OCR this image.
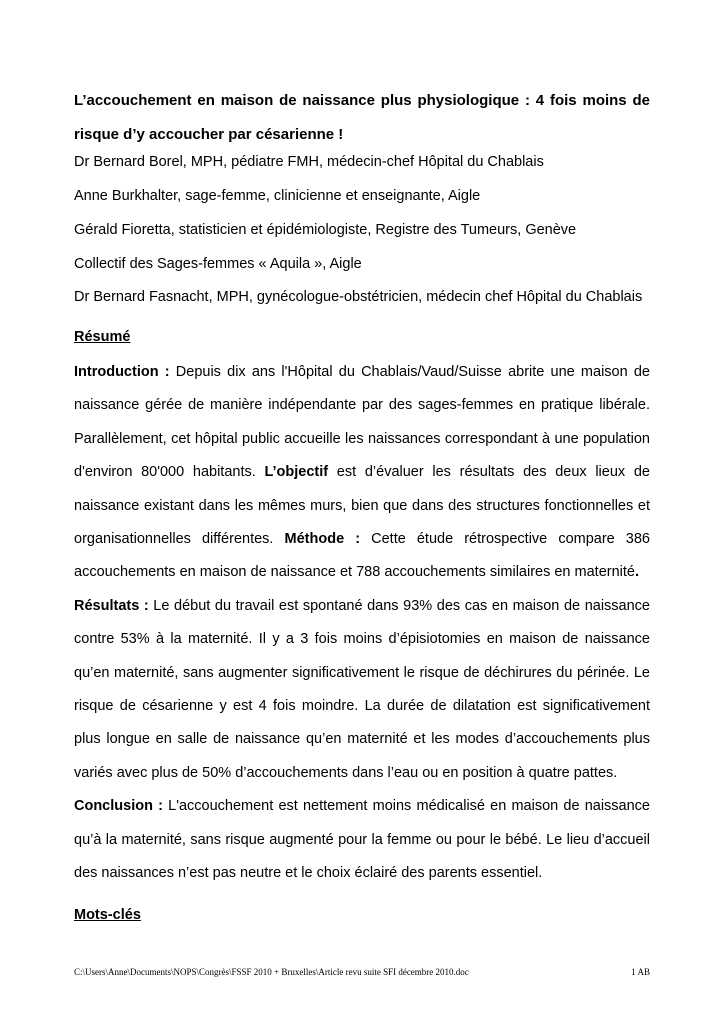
L’accouchement en maison de naissance plus physiologique : 4 fois moins de risque d’y accoucher par césarienne !
Dr Bernard Borel, MPH, pédiatre FMH, médecin-chef Hôpital du Chablais
Anne Burkhalter, sage-femme, clinicienne et enseignante, Aigle
Gérald Fioretta, statisticien et épidémiologiste, Registre des Tumeurs, Genève
Collectif des Sages-femmes « Aquila », Aigle
Dr Bernard Fasnacht, MPH, gynécologue-obstétricien, médecin chef Hôpital du Chablais
Résumé

Introduction : Depuis dix ans l'Hôpital du Chablais/Vaud/Suisse abrite une maison de naissance gérée de manière indépendante par des sages-femmes en pratique libérale. Parallèlement, cet hôpital public accueille les naissances correspondant à une population d'environ 80'000 habitants. L’objectif est d’évaluer les résultats des deux lieux de naissance existant dans les mêmes murs, bien que dans des structures fonctionnelles et organisationnelles différentes. Méthode : Cette étude rétrospective compare 386 accouchements en maison de naissance et 788 accouchements similaires en maternité.
Résultats : Le début du travail est spontané dans 93% des cas en maison de naissance contre 53% à la maternité. Il y a 3 fois moins d’épisiotomies en maison de naissance qu’en maternité, sans augmenter significativement le risque de déchirures du périnée. Le risque de césarienne y est 4 fois moindre. La durée de dilatation est significativement plus longue en salle de naissance qu’en maternité et les modes d’accouchements plus variés avec plus de 50% d’accouchements dans l’eau ou en position à quatre pattes.
Conclusion : L'accouchement est nettement moins médicalisé en maison de naissance qu’à la maternité, sans risque augmenté pour la femme ou pour le bébé. Le lieu d’accueil des naissances n’est pas neutre et le choix éclairé des parents essentiel.

Mots-clés
C:\Users\Anne\Documents\NOPS\Congrès\FSSF 2010 + Bruxelles\Article revu suite SFI décembre 2010.doc	1 AB
